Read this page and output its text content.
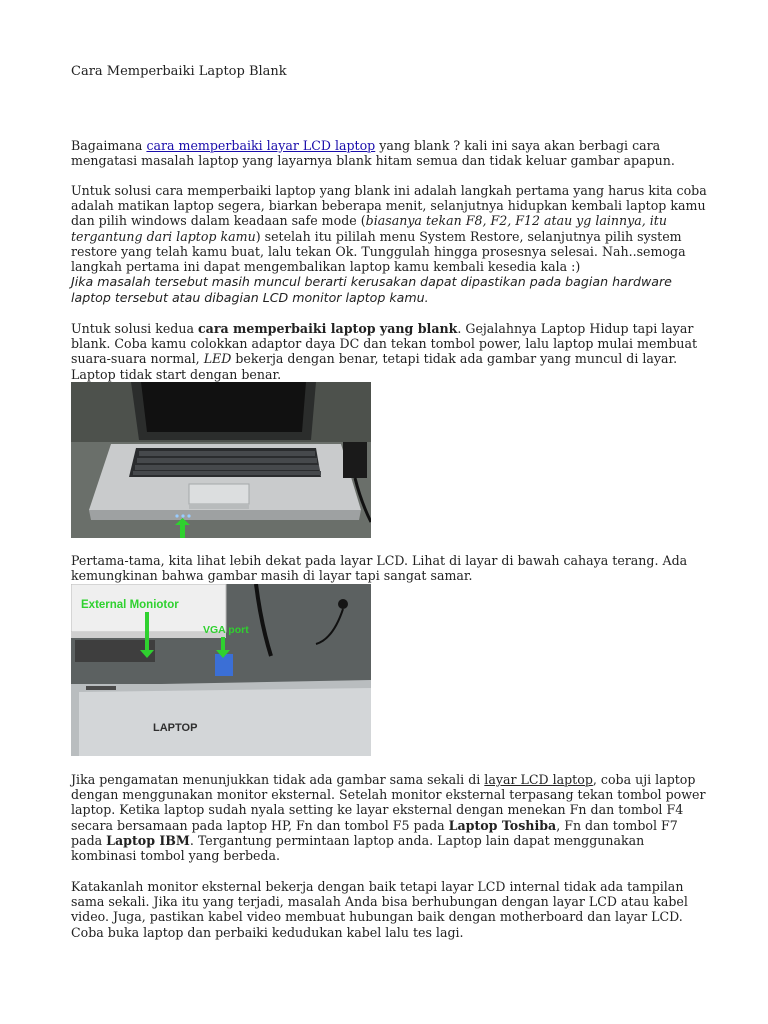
Cara Memperbaiki Laptop Blank

Bagaimana cara memperbaiki layar LCD laptop yang blank ? kali ini saya akan berbagi cara mengatasi masalah laptop yang layarnya blank hitam semua dan tidak keluar gambar apapun.

Untuk solusi cara memperbaiki laptop yang blank ini adalah langkah pertama yang harus kita coba adalah matikan laptop segera, biarkan beberapa menit, selanjutnya hidupkan kembali laptop kamu dan pilih windows dalam keadaan safe mode (biasanya tekan F8, F2, F12 atau yg lainnya, itu tergantung dari laptop kamu) setelah itu pililah menu System Restore, selanjutnya pilih system restore yang telah kamu buat, lalu tekan Ok. Tunggulah hingga prosesnya selesai. Nah..semoga langkah pertama ini dapat mengembalikan laptop kamu kembali kesedia kala :)

Jika masalah tersebut masih muncul berarti kerusakan dapat dipastikan pada bagian hardware laptop tersebut atau dibagian LCD monitor laptop kamu.

Untuk solusi kedua cara memperbaiki laptop yang blank. Gejalahnya Laptop Hidup tapi layar blank. Coba kamu colokkan adaptor daya DC dan tekan tombol power, lalu laptop mulai membuat suara-suara normal, LED bekerja dengan benar, tetapi tidak ada gambar yang muncul di layar. Laptop tidak start dengan benar.

Pertama-tama, kita lihat lebih dekat pada layar LCD. Lihat di layar di bawah cahaya terang. Ada kemungkinan bahwa gambar masih di layar tapi sangat samar.

External Moniotor
VGA port
LAPTOP

Jika pengamatan menunjukkan tidak ada gambar sama sekali di layar LCD laptop, coba uji laptop dengan menggunakan monitor eksternal. Setelah monitor eksternal terpasang tekan tombol power laptop. Ketika laptop sudah nyala setting ke layar eksternal dengan menekan Fn dan tombol F4 secara bersamaan pada laptop HP, Fn dan tombol F5 pada Laptop Toshiba, Fn dan tombol F7 pada Laptop IBM. Tergantung permintaan laptop anda. Laptop lain dapat menggunakan kombinasi tombol yang berbeda.

Katakanlah monitor eksternal bekerja dengan baik tetapi layar LCD internal tidak ada tampilan sama sekali. Jika itu yang terjadi, masalah Anda bisa berhubungan dengan layar LCD atau kabel video. Juga, pastikan kabel video membuat hubungan baik dengan motherboard dan layar LCD. Coba buka laptop dan perbaiki kedudukan kabel lalu tes lagi.
